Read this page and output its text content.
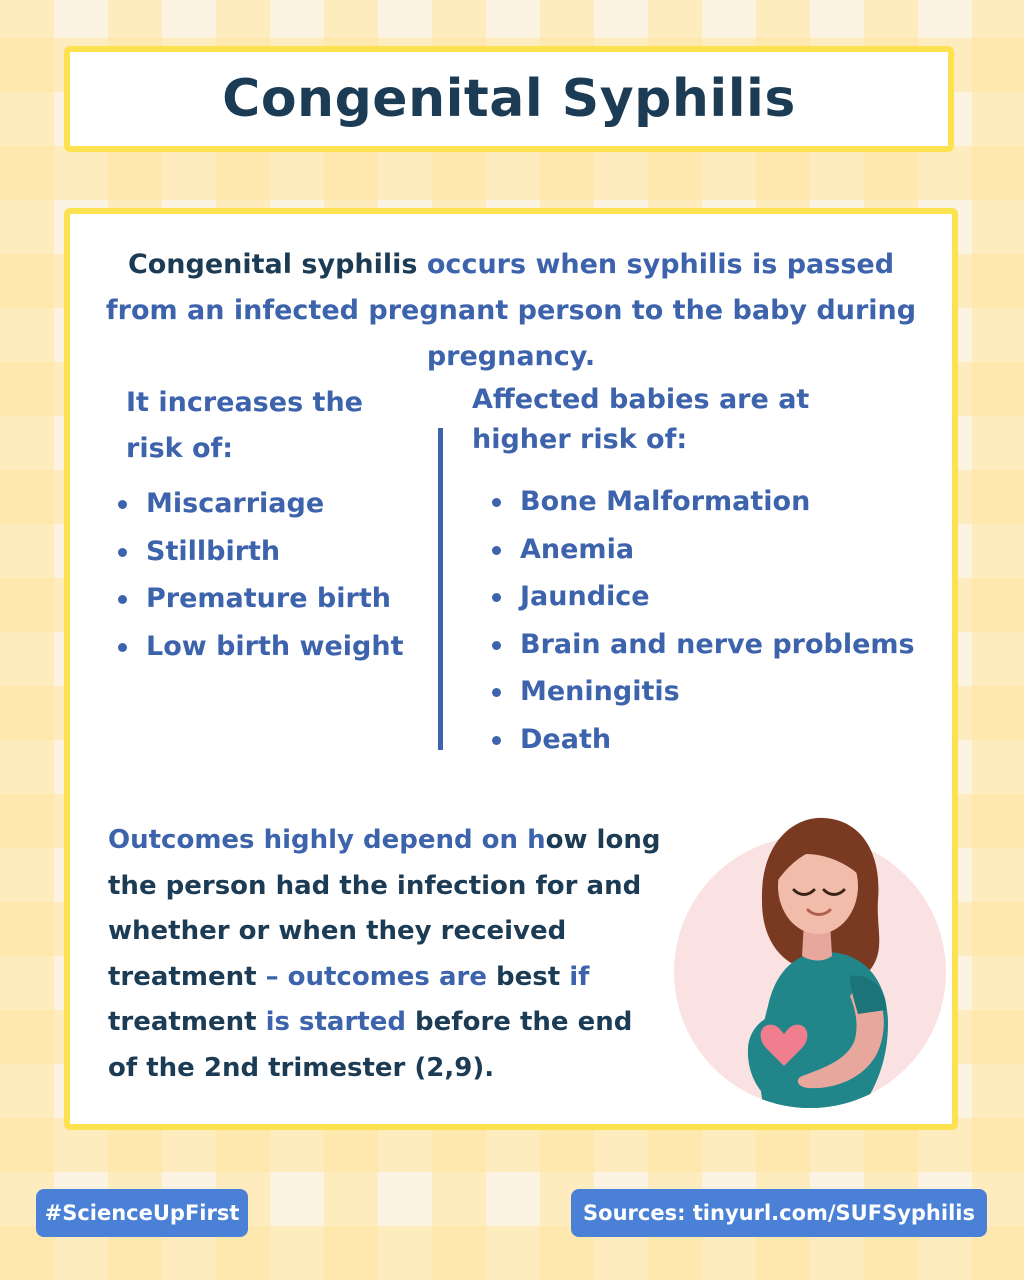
Congenital Syphilis
Congenital syphilis occurs when syphilis is passed from an infected pregnant person to the baby during pregnancy.
It increases the
risk of:
Miscarriage
Stillbirth
Premature birth
Low birth weight
Affected babies are at
higher risk of:
Bone Malformation
Anemia
Jaundice
Brain and nerve problems
Meningitis
Death
Outcomes highly depend on how long the person had the infection for and whether or when they received treatment – outcomes are best if treatment is started before the end of the 2nd trimester (2,9).
#ScienceUpFirst	Sources: tinyurl.com/SUFSyphilis
